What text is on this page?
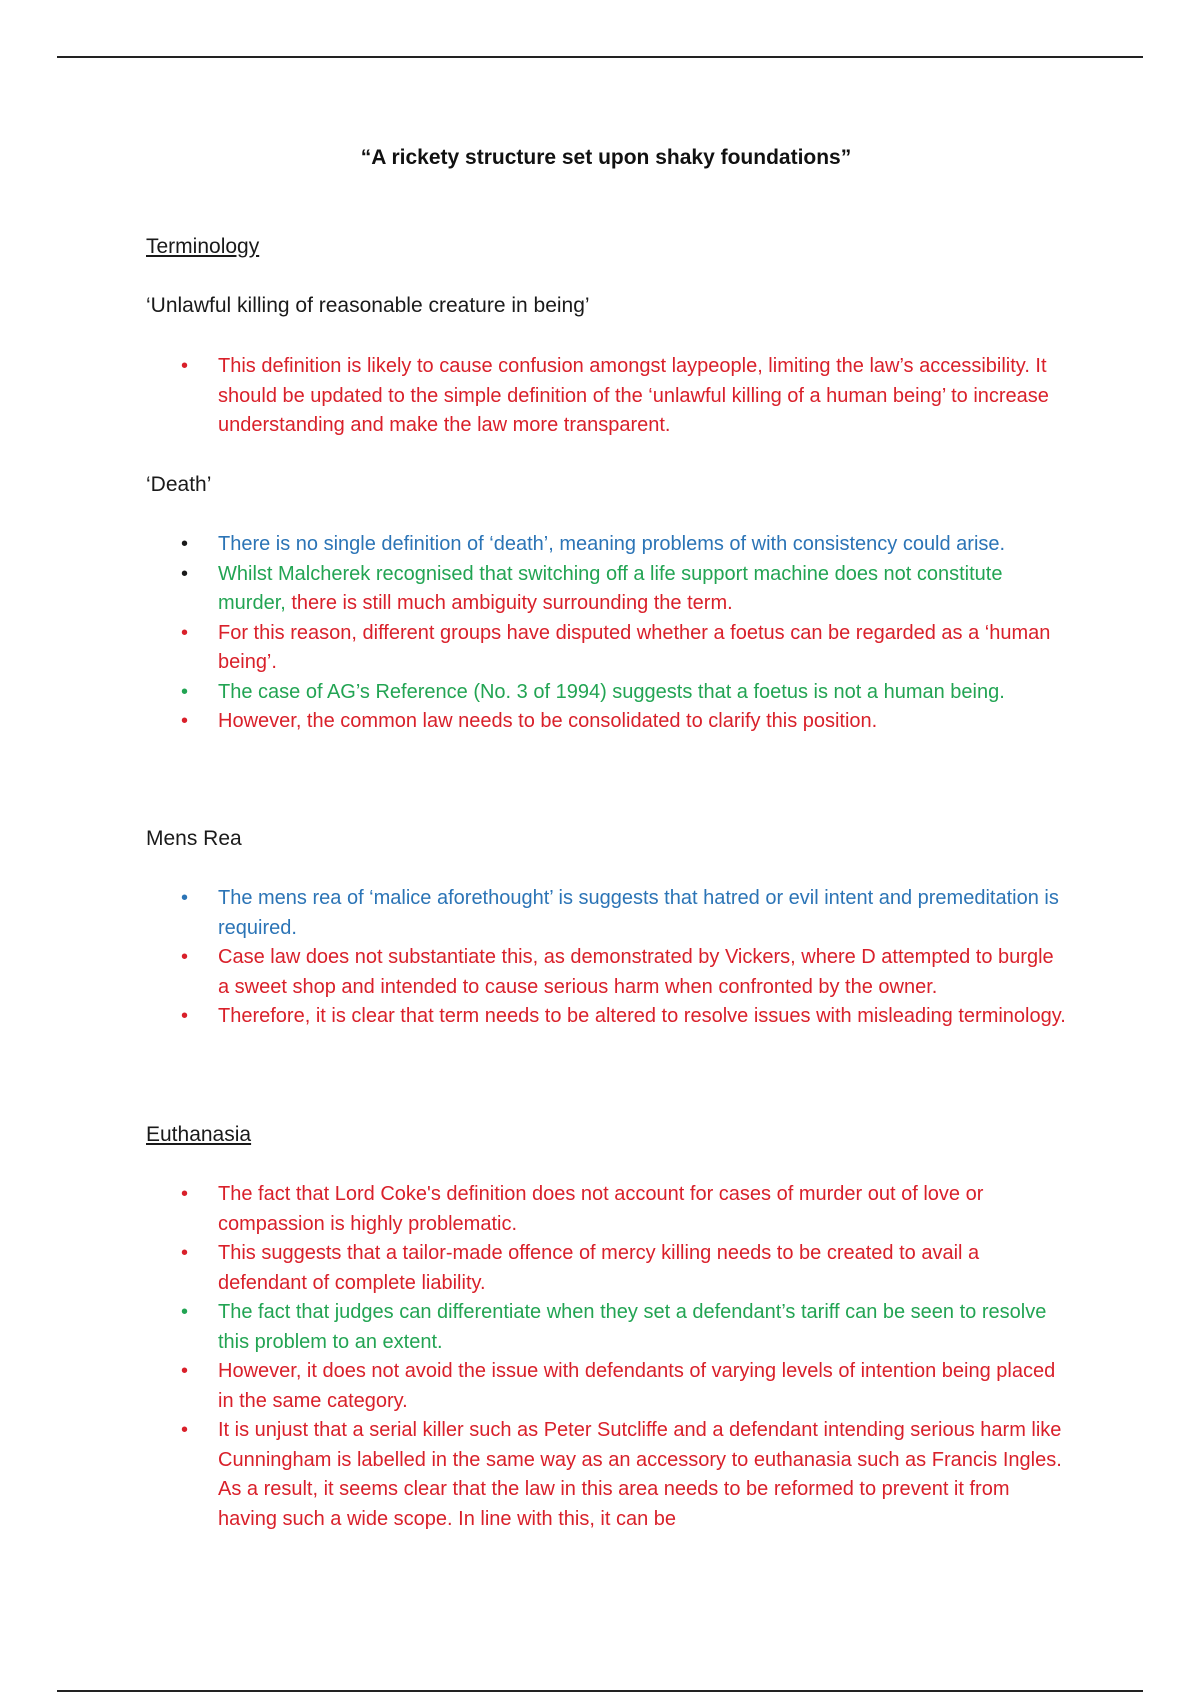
“A rickety structure set upon shaky foundations”

Terminology

‘Unlawful killing of reasonable creature in being’

• This definition is likely to cause confusion amongst laypeople, limiting the law’s accessibility. It should be updated to the simple definition of the ‘unlawful killing of a human being’ to increase understanding and make the law more transparent.

‘Death’

• There is no single definition of ‘death’, meaning problems of with consistency could arise.
• Whilst Malcherek recognised that switching off a life support machine does not constitute murder, there is still much ambiguity surrounding the term.
• For this reason, different groups have disputed whether a foetus can be regarded as a ‘human being’.
• The case of AG’s Reference (No. 3 of 1994) suggests that a foetus is not a human being.
• However, the common law needs to be consolidated to clarify this position.

Mens Rea

• The mens rea of ‘malice aforethought’ is suggests that hatred or evil intent and premeditation is required.
• Case law does not substantiate this, as demonstrated by Vickers, where D attempted to burgle a sweet shop and intended to cause serious harm when confronted by the owner.
• Therefore, it is clear that term needs to be altered to resolve issues with misleading terminology.

Euthanasia

• The fact that Lord Coke's definition does not account for cases of murder out of love or compassion is highly problematic.
• This suggests that a tailor-made offence of mercy killing needs to be created to avail a defendant of complete liability.
• The fact that judges can differentiate when they set a defendant’s tariff can be seen to resolve this problem to an extent.
• However, it does not avoid the issue with defendants of varying levels of intention being placed in the same category.
• It is unjust that a serial killer such as Peter Sutcliffe and a defendant intending serious harm like Cunningham is labelled in the same way as an accessory to euthanasia such as Francis Ingles. As a result, it seems clear that the law in this area needs to be reformed to prevent it from having such a wide scope. In line with this, it can be
